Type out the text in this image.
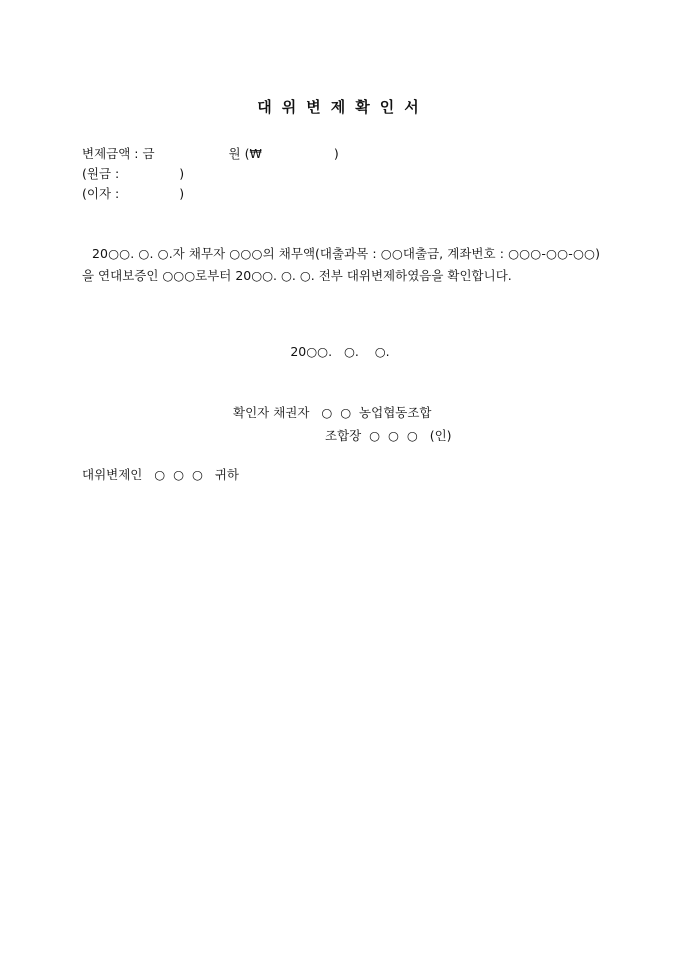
대위변제확인서
변제금액 : 금	원 (₩	)
(원금 :	)
(이자 :	)
20○○. ○. ○.자 채무자 ○○○의 채무액(대출과목 : ○○대출금, 계좌번호 : ○○○-○○-○○)을 연대보증인 ○○○로부터 20○○. ○. ○. 전부 대위변제하였음을 확인합니다.
20○○.   ○.    ○.
확인자 채권자   ○  ○  농업협동조합
조합장  ○  ○  ○   (인)
대위변제인   ○  ○  ○   귀하
